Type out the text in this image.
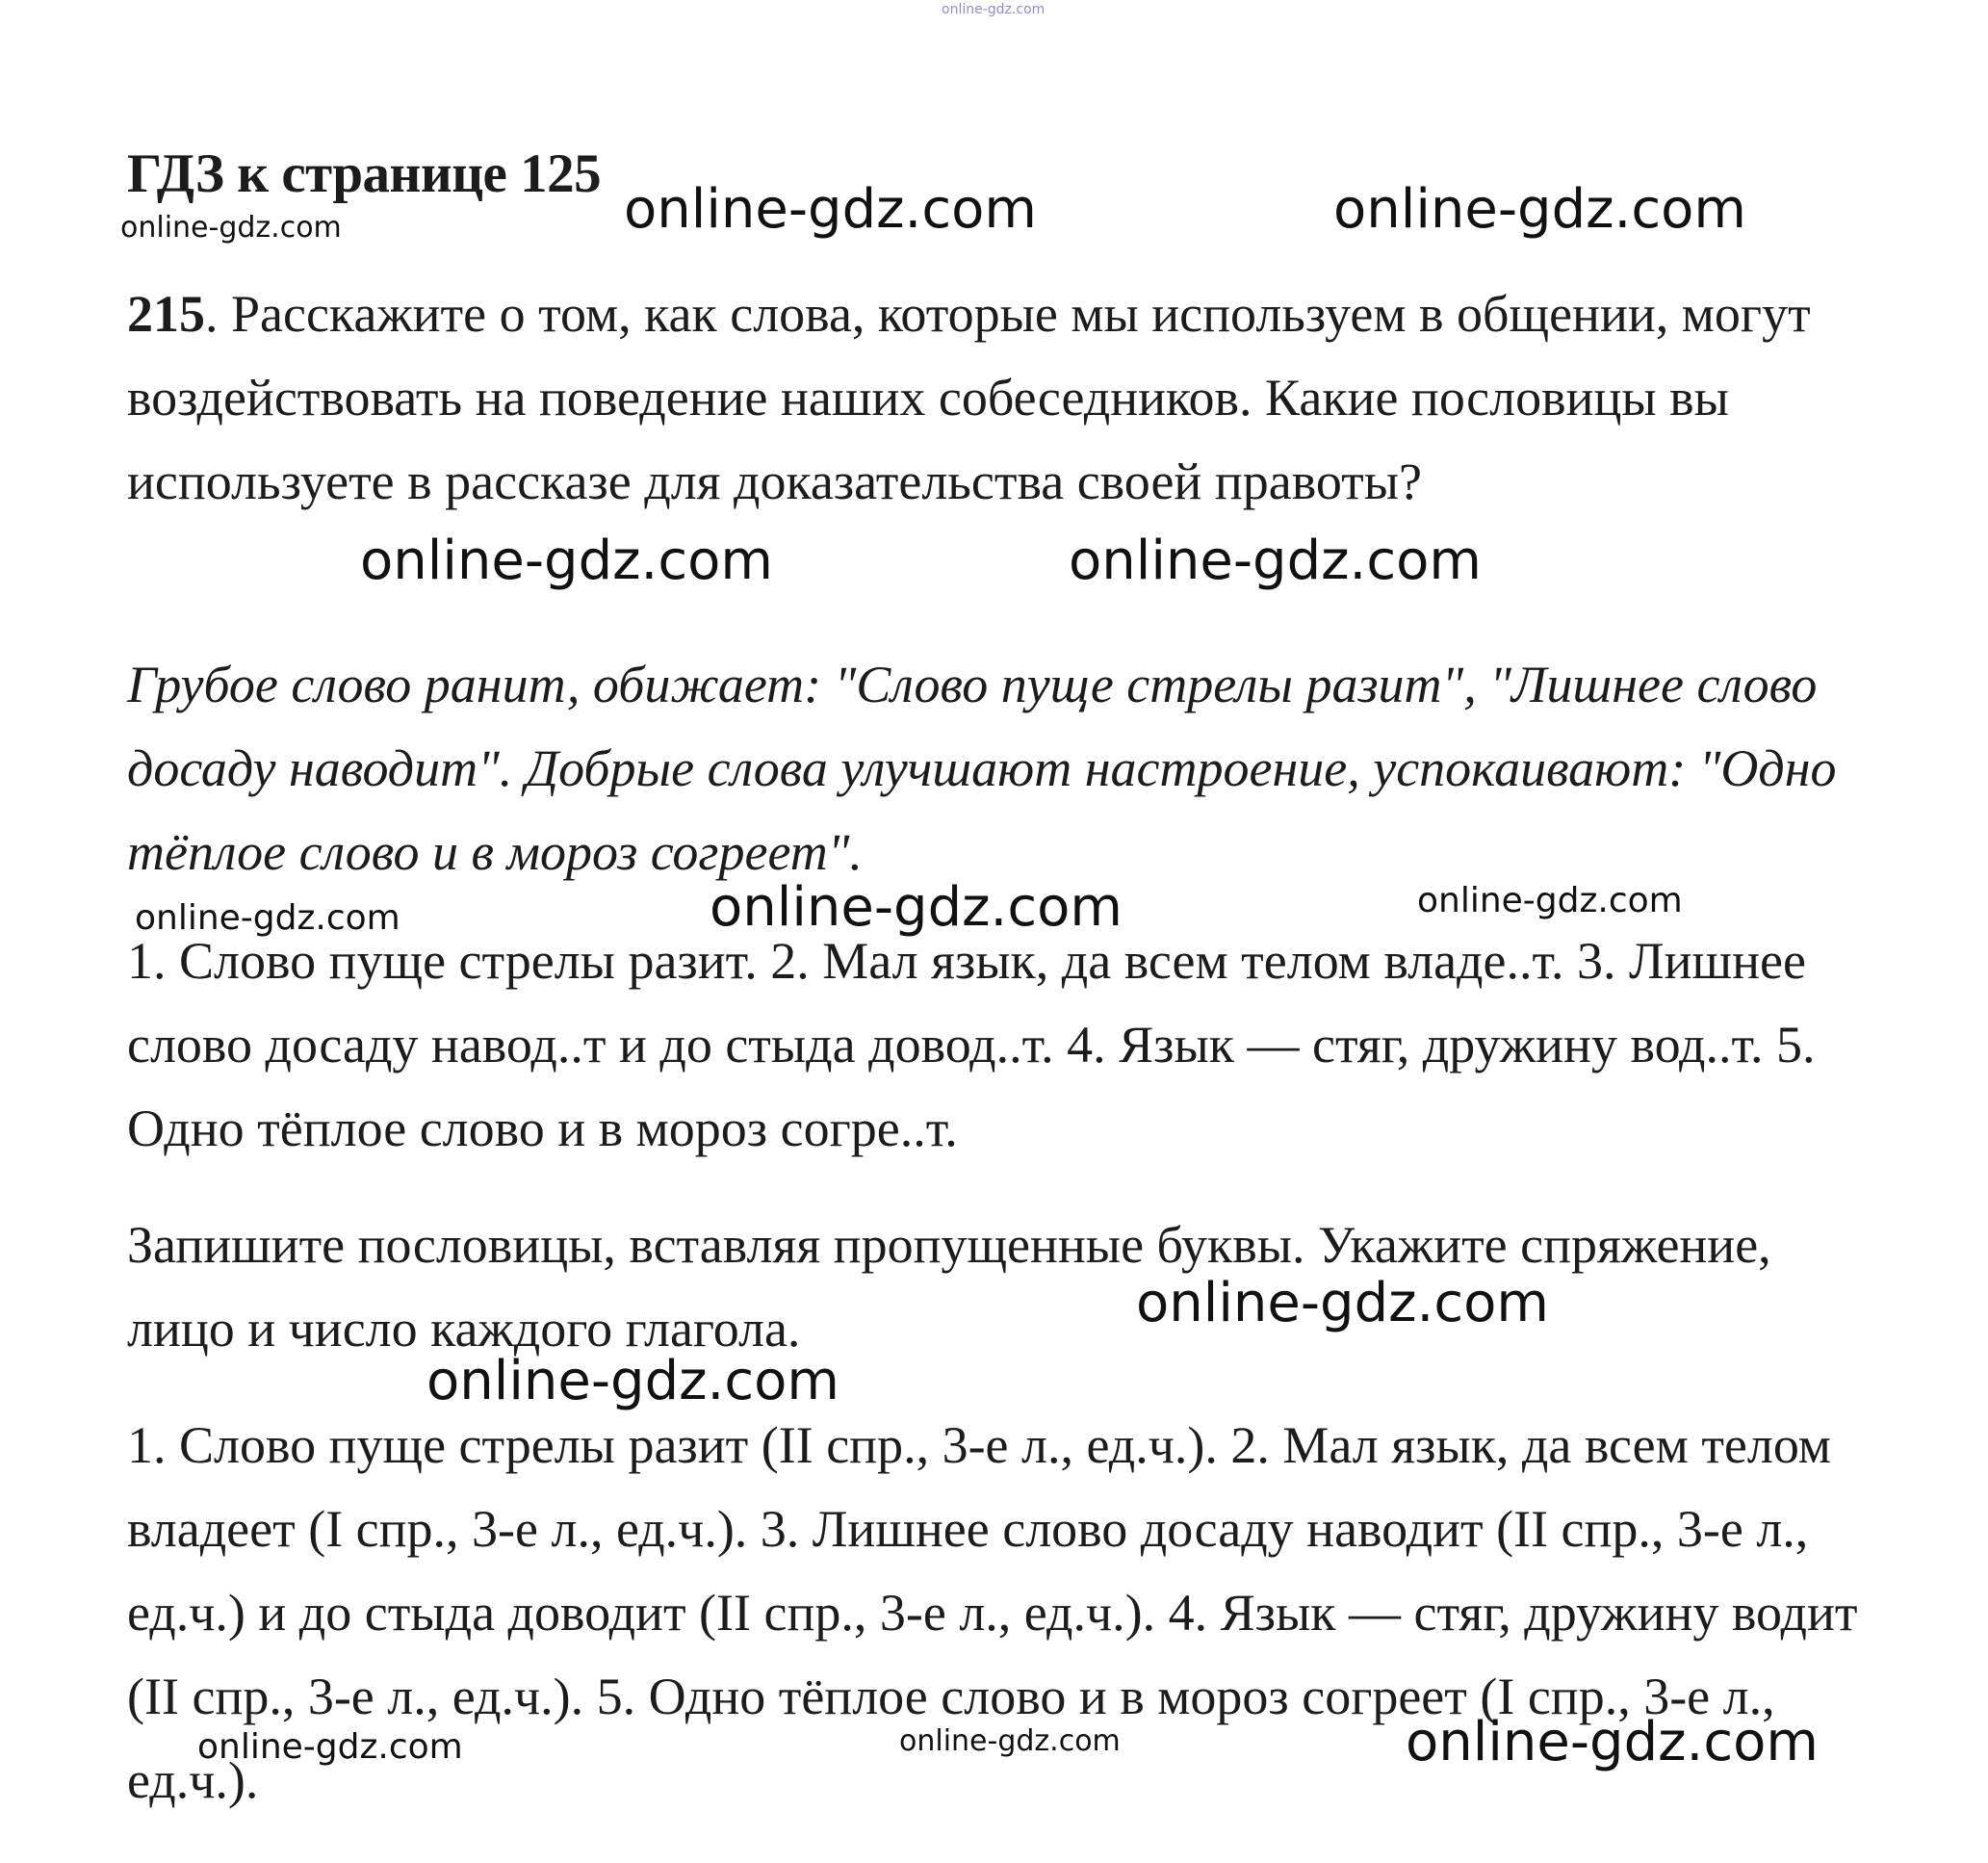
online-gdz.com
ГДЗ к странице 125

215. Расскажите о том, как слова, которые мы используем в общении, могут воздействовать на поведение наших собеседников. Какие пословицы вы используете в рассказе для доказательства своей правоты?

Грубое слово ранит, обижает: "Слово пуще стрелы разит", "Лишнее слово досаду наводит". Добрые слова улучшают настроение, успокаивают: "Одно тёплое слово и в мороз согреет".

1. Слово пуще стрелы разит. 2. Мал язык, да всем телом владе..т. 3. Лишнее слово досаду навод..т и до стыда довод..т. 4. Язык — стяг, дружину вод..т. 5. Одно тёплое слово и в мороз согре..т.

Запишите пословицы, вставляя пропущенные буквы. Укажите спряжение, лицо и число каждого глагола.

1. Слово пуще стрелы разит (II спр., 3-е л., ед.ч.). 2. Мал язык, да всем телом владеет (I спр., 3-е л., ед.ч.). 3. Лишнее слово досаду наводит (II спр., 3-е л., ед.ч.) и до стыда доводит (II спр., 3-е л., ед.ч.). 4. Язык — стяг, дружину водит (II спр., 3-е л., ед.ч.). 5. Одно тёплое слово и в мороз согреет (I спр., 3-е л., ед.ч.).

online-gdz.com	online-gdz.com	online-gdz.com
online-gdz.com	online-gdz.com
online-gdz.com	online-gdz.com	online-gdz.com
online-gdz.com
online-gdz.com
online-gdz.com	online-gdz.com	online-gdz.com
